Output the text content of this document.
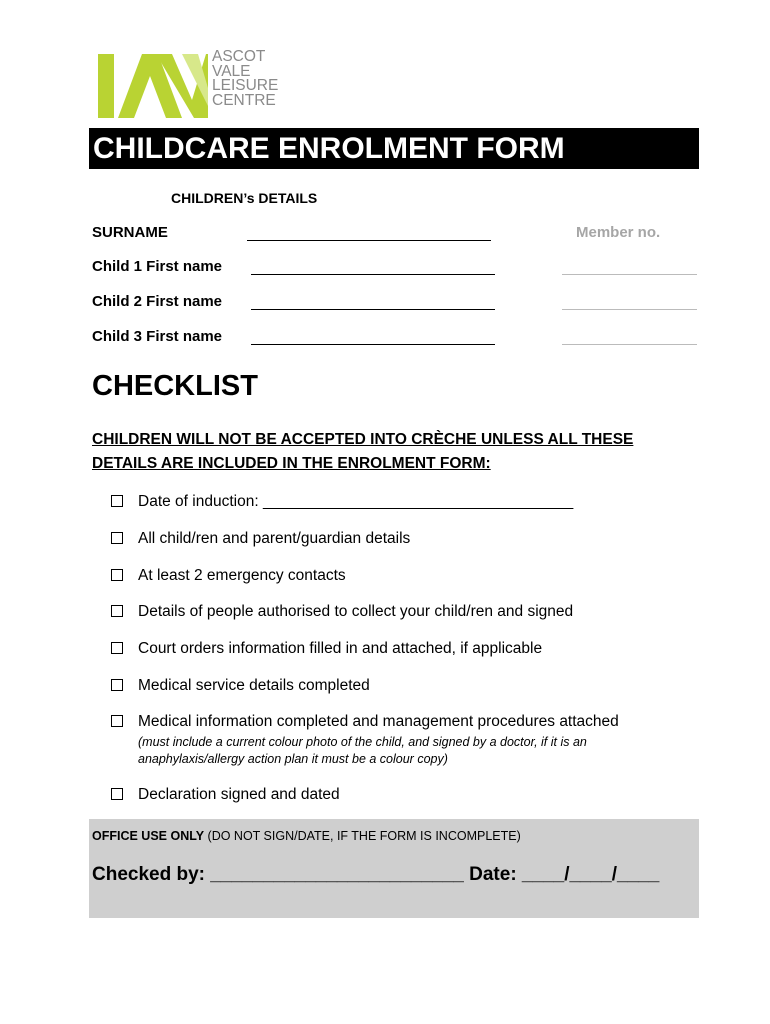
ASCOT
VALE
LEISURE
CENTRE
CHILDCARE ENROLMENT FORM
CHILDREN’s DETAILS
SURNAME	Member no.
Child 1 First name
Child 2 First name
Child 3 First name
CHECKLIST
CHILDREN WILL NOT BE ACCEPTED INTO CRÈCHE UNLESS ALL THESE DETAILS ARE INCLUDED IN THE ENROLMENT FORM:
Date of induction: ____________________________________
All child/ren and parent/guardian details
At least 2 emergency contacts
Details of people authorised to collect your child/ren and signed
Court orders information filled in and attached, if applicable
Medical service details completed
Medical information completed and management procedures attached
(must include a current colour photo of the child, and signed by a doctor, if it is an anaphylaxis/allergy action plan it must be a colour copy)
Declaration signed and dated
OFFICE USE ONLY (DO NOT SIGN/DATE, IF THE FORM IS INCOMPLETE)
Checked by: ________________________ Date: ____/____/____
